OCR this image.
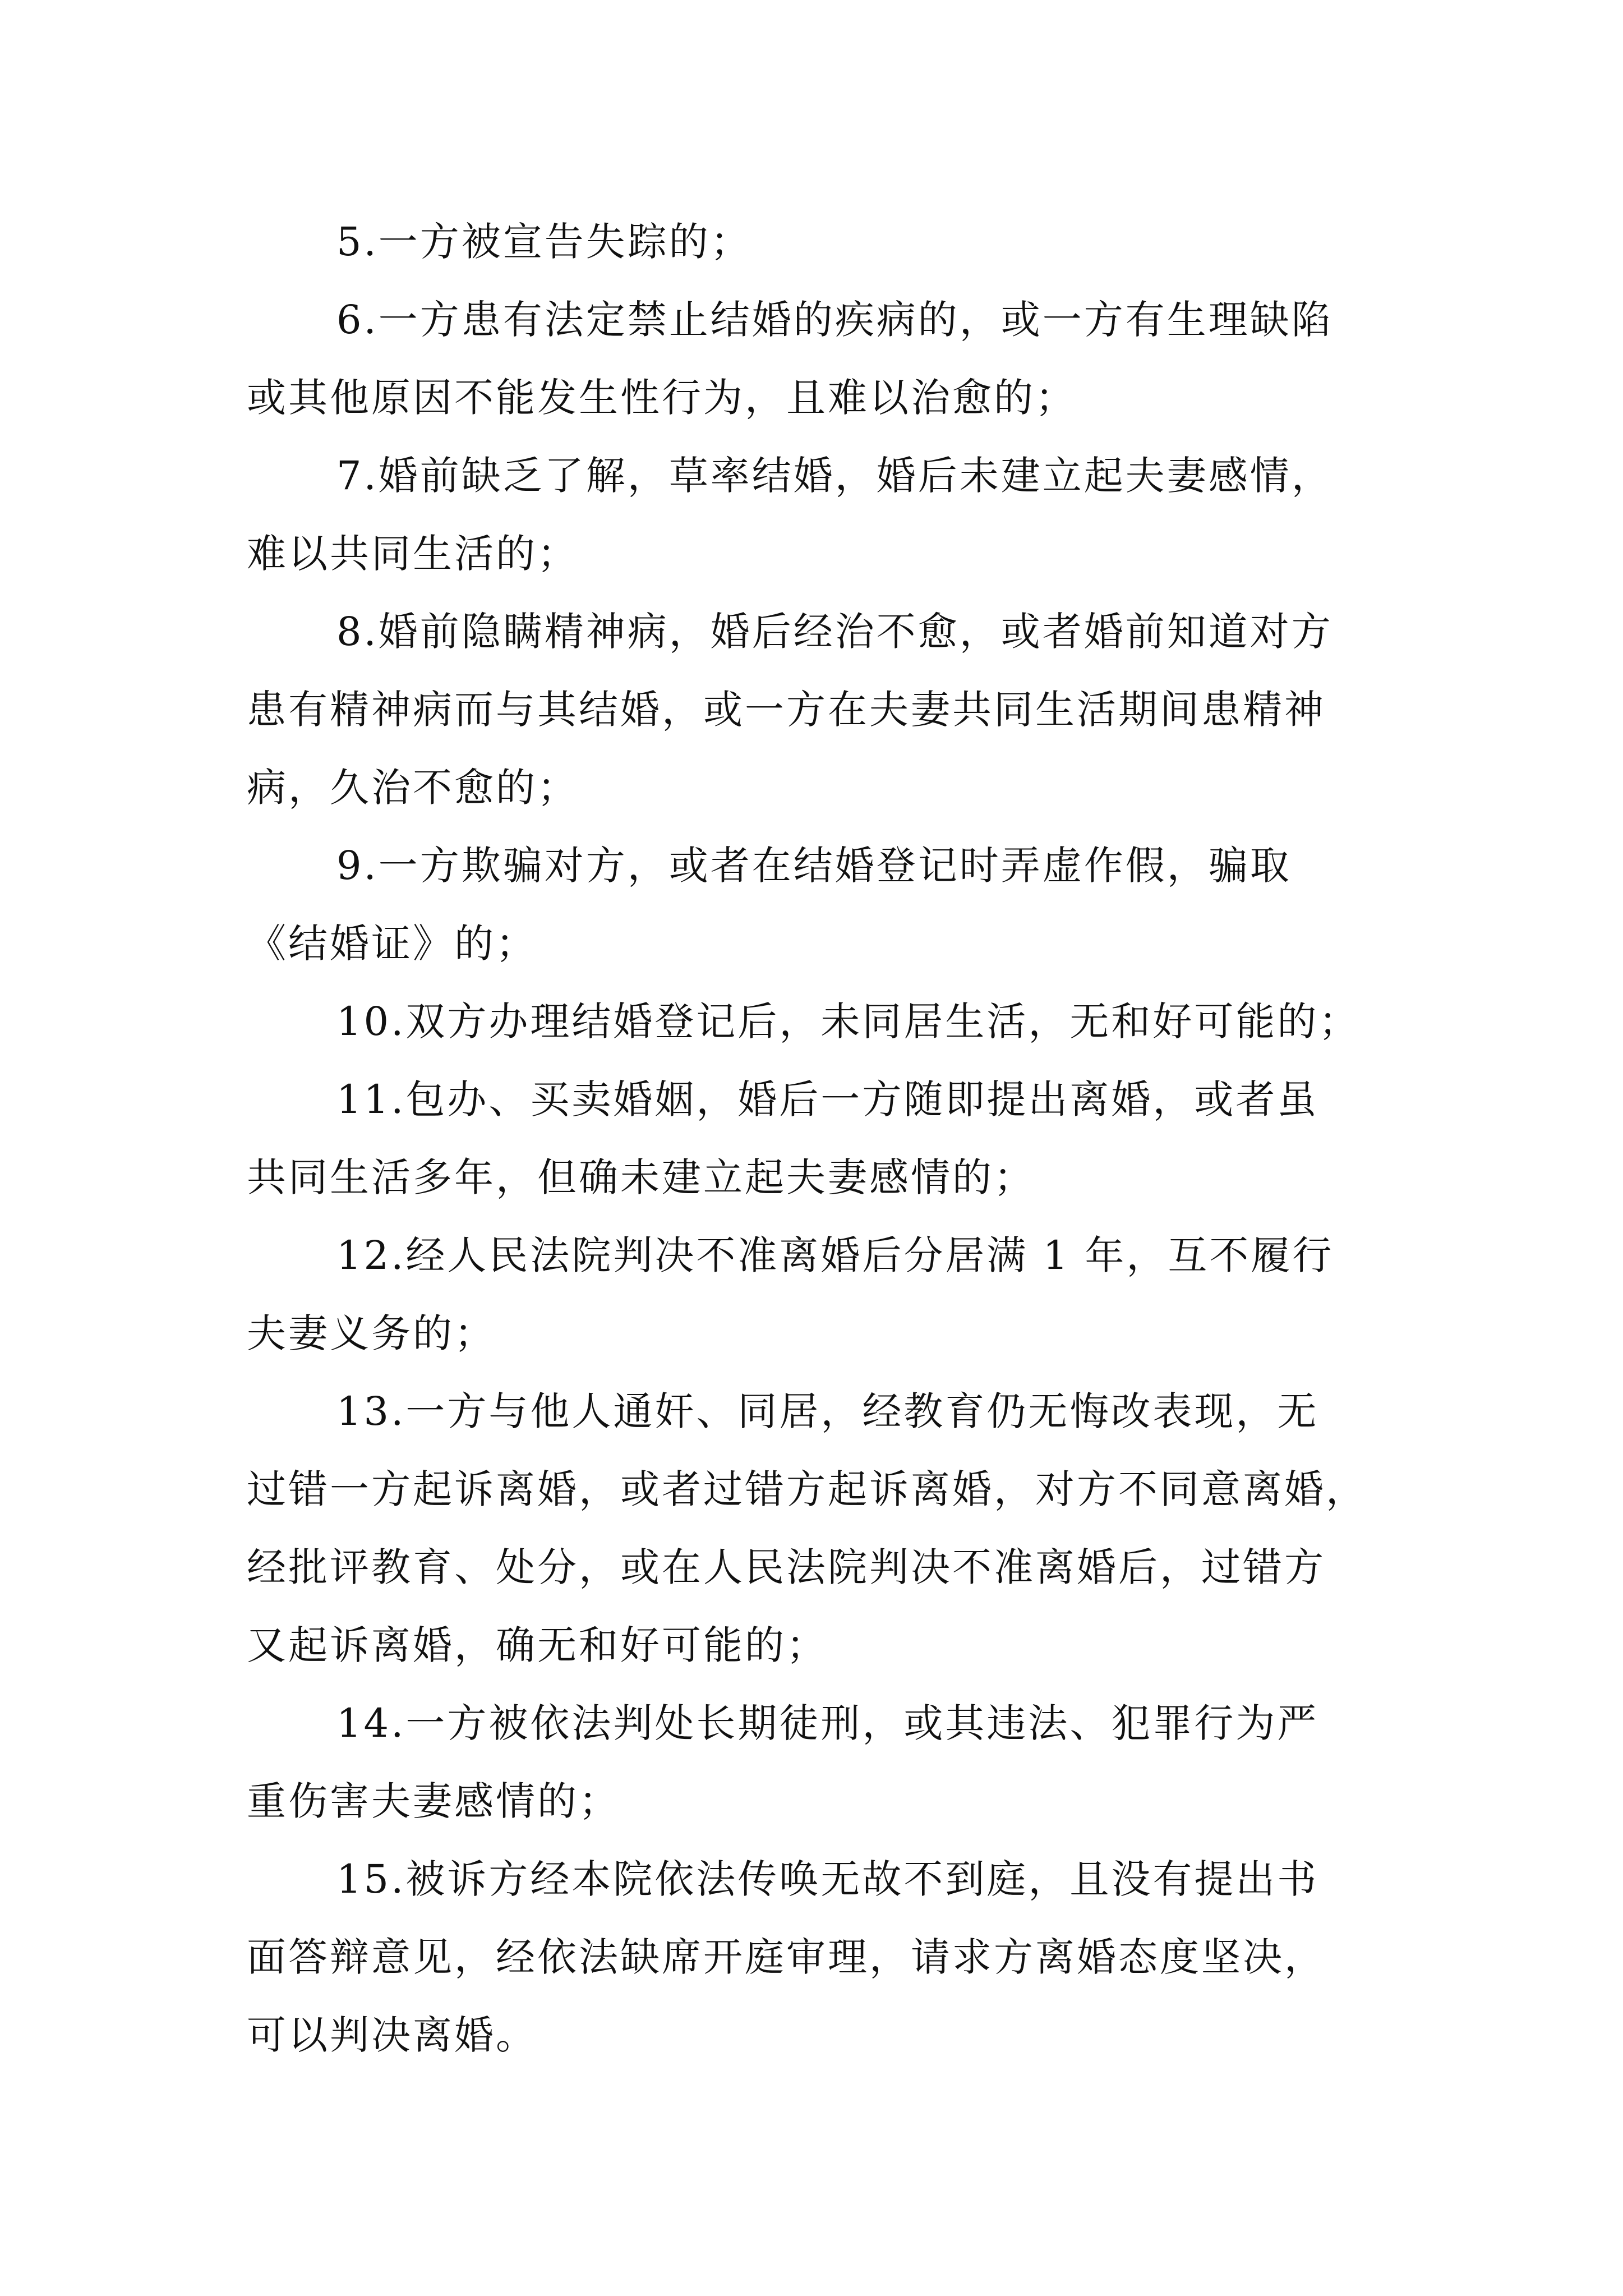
5.一方被宣告失踪的；
6.一方患有法定禁止结婚的疾病的，或一方有生理缺陷
或其他原因不能发生性行为，且难以治愈的；
7.婚前缺乏了解，草率结婚，婚后未建立起夫妻感情，
难以共同生活的；
8.婚前隐瞒精神病，婚后经治不愈，或者婚前知道对方
患有精神病而与其结婚，或一方在夫妻共同生活期间患精神
病，久治不愈的；
9.一方欺骗对方，或者在结婚登记时弄虚作假，骗取
《结婚证》的；
10.双方办理结婚登记后，未同居生活，无和好可能的；
11.包办、买卖婚姻，婚后一方随即提出离婚，或者虽
共同生活多年，但确未建立起夫妻感情的；
12.经人民法院判决不准离婚后分居满 1 年，互不履行
夫妻义务的；
13.一方与他人通奸、同居，经教育仍无悔改表现，无
过错一方起诉离婚，或者过错方起诉离婚，对方不同意离婚，
经批评教育、处分，或在人民法院判决不准离婚后，过错方
又起诉离婚，确无和好可能的；
14.一方被依法判处长期徒刑，或其违法、犯罪行为严
重伤害夫妻感情的；
15.被诉方经本院依法传唤无故不到庭，且没有提出书
面答辩意见，经依法缺席开庭审理，请求方离婚态度坚决，
可以判决离婚。
